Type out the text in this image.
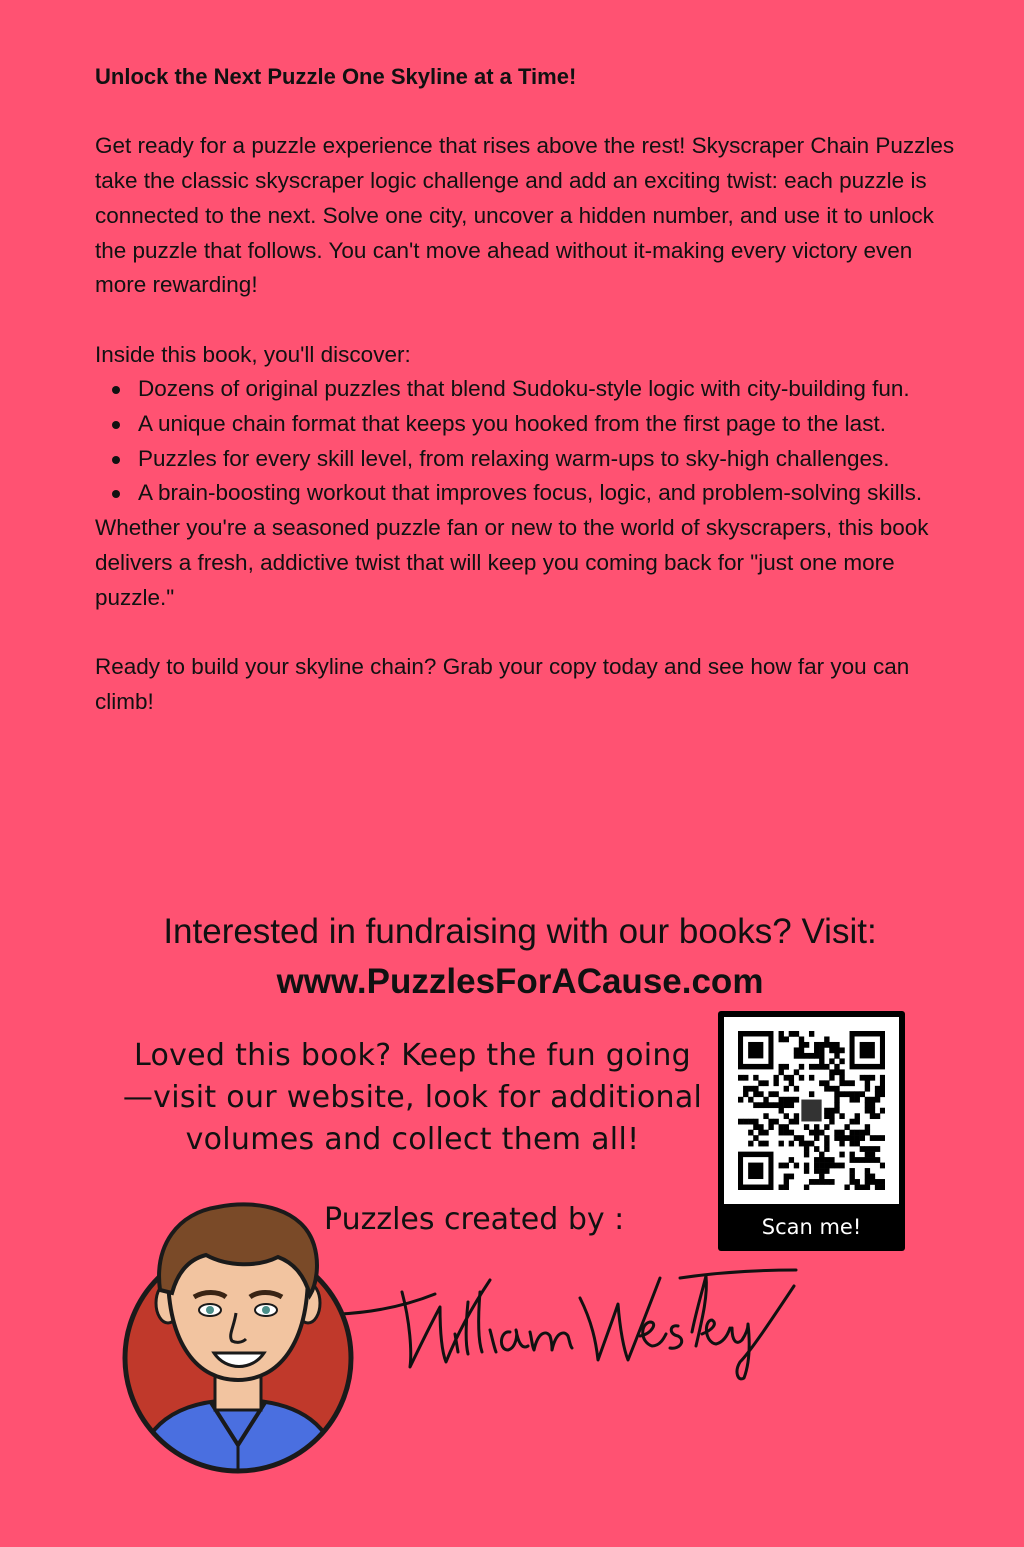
Unlock the Next Puzzle One Skyline at a Time!

Get ready for a puzzle experience that rises above the rest! Skyscraper Chain Puzzles take the classic skyscraper logic challenge and add an exciting twist: each puzzle is connected to the next. Solve one city, uncover a hidden number, and use it to unlock the puzzle that follows. You can't move ahead without it-making every victory even more rewarding!

Inside this book, you'll discover:

Dozens of original puzzles that blend Sudoku-style logic with city-building fun.
A unique chain format that keeps you hooked from the first page to the last.
Puzzles for every skill level, from relaxing warm-ups to sky-high challenges.
A brain-boosting workout that improves focus, logic, and problem-solving skills.

Whether you're a seasoned puzzle fan or new to the world of skyscrapers, this book delivers a fresh, addictive twist that will keep you coming back for "just one more puzzle."

Ready to build your skyline chain? Grab your copy today and see how far you can climb!

Interested in fundraising with our books? Visit:
www.PuzzlesForACause.com
Loved this book? Keep the fun going—visit our website, look for additional volumes and collect them all!
Scan me!
Puzzles created by :
